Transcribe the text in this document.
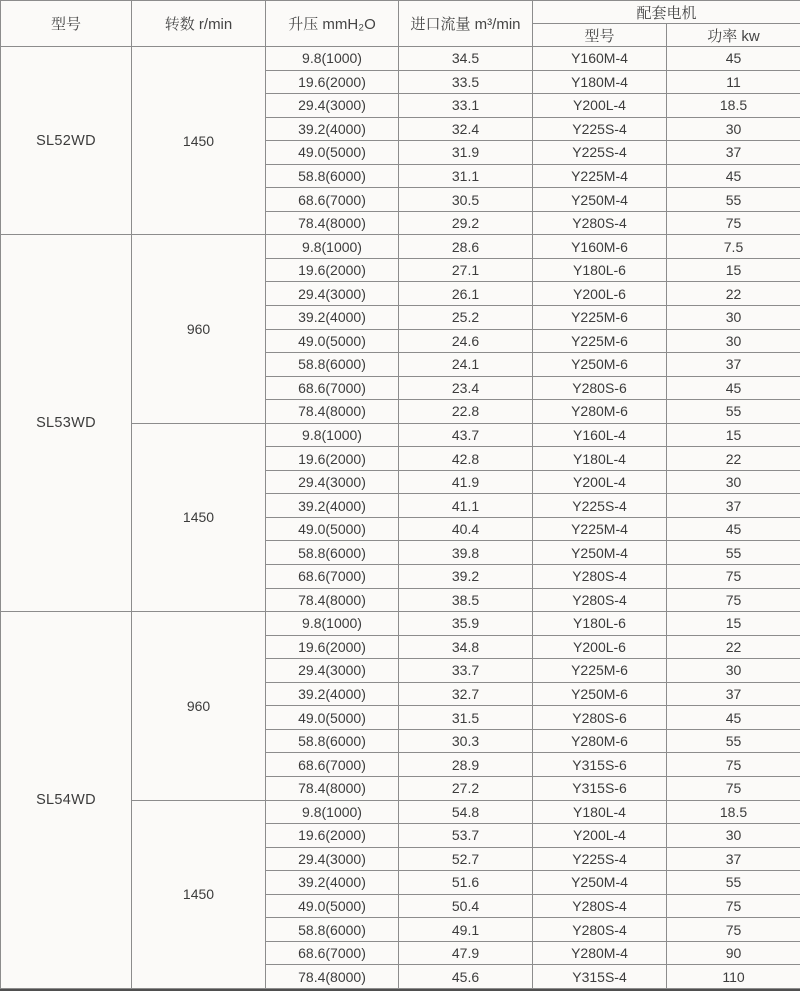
型号	转数 r/min	升压 mmH₂O	进口流量 m³/min	配套电机	
				型号	功率 kw
SL52WD	1450	9.8(1000)	34.5	Y160M-4	45
		19.6(2000)	33.5	Y180M-4	11
		29.4(3000)	33.1	Y200L-4	18.5
		39.2(4000)	32.4	Y225S-4	30
		49.0(5000)	31.9	Y225S-4	37
		58.8(6000)	31.1	Y225M-4	45
		68.6(7000)	30.5	Y250M-4	55
		78.4(8000)	29.2	Y280S-4	75
SL53WD	960	9.8(1000)	28.6	Y160M-6	7.5
		19.6(2000)	27.1	Y180L-6	15
		29.4(3000)	26.1	Y200L-6	22
		39.2(4000)	25.2	Y225M-6	30
		49.0(5000)	24.6	Y225M-6	30
		58.8(6000)	24.1	Y250M-6	37
		68.6(7000)	23.4	Y280S-6	45
		78.4(8000)	22.8	Y280M-6	55
	1450	9.8(1000)	43.7	Y160L-4	15
		19.6(2000)	42.8	Y180L-4	22
		29.4(3000)	41.9	Y200L-4	30
		39.2(4000)	41.1	Y225S-4	37
		49.0(5000)	40.4	Y225M-4	45
		58.8(6000)	39.8	Y250M-4	55
		68.6(7000)	39.2	Y280S-4	75
		78.4(8000)	38.5	Y280S-4	75
SL54WD	960	9.8(1000)	35.9	Y180L-6	15
		19.6(2000)	34.8	Y200L-6	22
		29.4(3000)	33.7	Y225M-6	30
		39.2(4000)	32.7	Y250M-6	37
		49.0(5000)	31.5	Y280S-6	45
		58.8(6000)	30.3	Y280M-6	55
		68.6(7000)	28.9	Y315S-6	75
		78.4(8000)	27.2	Y315S-6	75
	1450	9.8(1000)	54.8	Y180L-4	18.5
		19.6(2000)	53.7	Y200L-4	30
		29.4(3000)	52.7	Y225S-4	37
		39.2(4000)	51.6	Y250M-4	55
		49.0(5000)	50.4	Y280S-4	75
		58.8(6000)	49.1	Y280S-4	75
		68.6(7000)	47.9	Y280M-4	90
		78.4(8000)	45.6	Y315S-4	110
